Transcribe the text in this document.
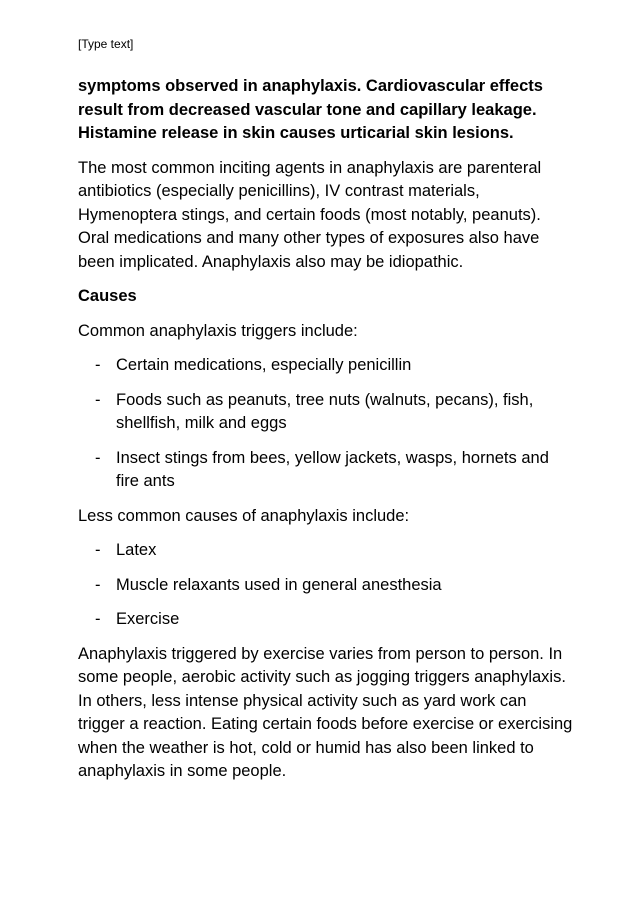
[Type text]

symptoms observed in anaphylaxis. Cardiovascular effects result from decreased vascular tone and capillary leakage. Histamine release in skin causes urticarial skin lesions.

The most common inciting agents in anaphylaxis are parenteral antibiotics (especially penicillins), IV contrast materials, Hymenoptera stings, and certain foods (most notably, peanuts). Oral medications and many other types of exposures also have been implicated. Anaphylaxis also may be idiopathic.

Causes

Common anaphylaxis triggers include:

- Certain medications, especially penicillin
- Foods such as peanuts, tree nuts (walnuts, pecans), fish, shellfish, milk and eggs
- Insect stings from bees, yellow jackets, wasps, hornets and fire ants

Less common causes of anaphylaxis include:

- Latex
- Muscle relaxants used in general anesthesia
- Exercise

Anaphylaxis triggered by exercise varies from person to person. In some people, aerobic activity such as jogging triggers anaphylaxis. In others, less intense physical activity such as yard work can trigger a reaction. Eating certain foods before exercise or exercising when the weather is hot, cold or humid has also been linked to anaphylaxis in some people.
